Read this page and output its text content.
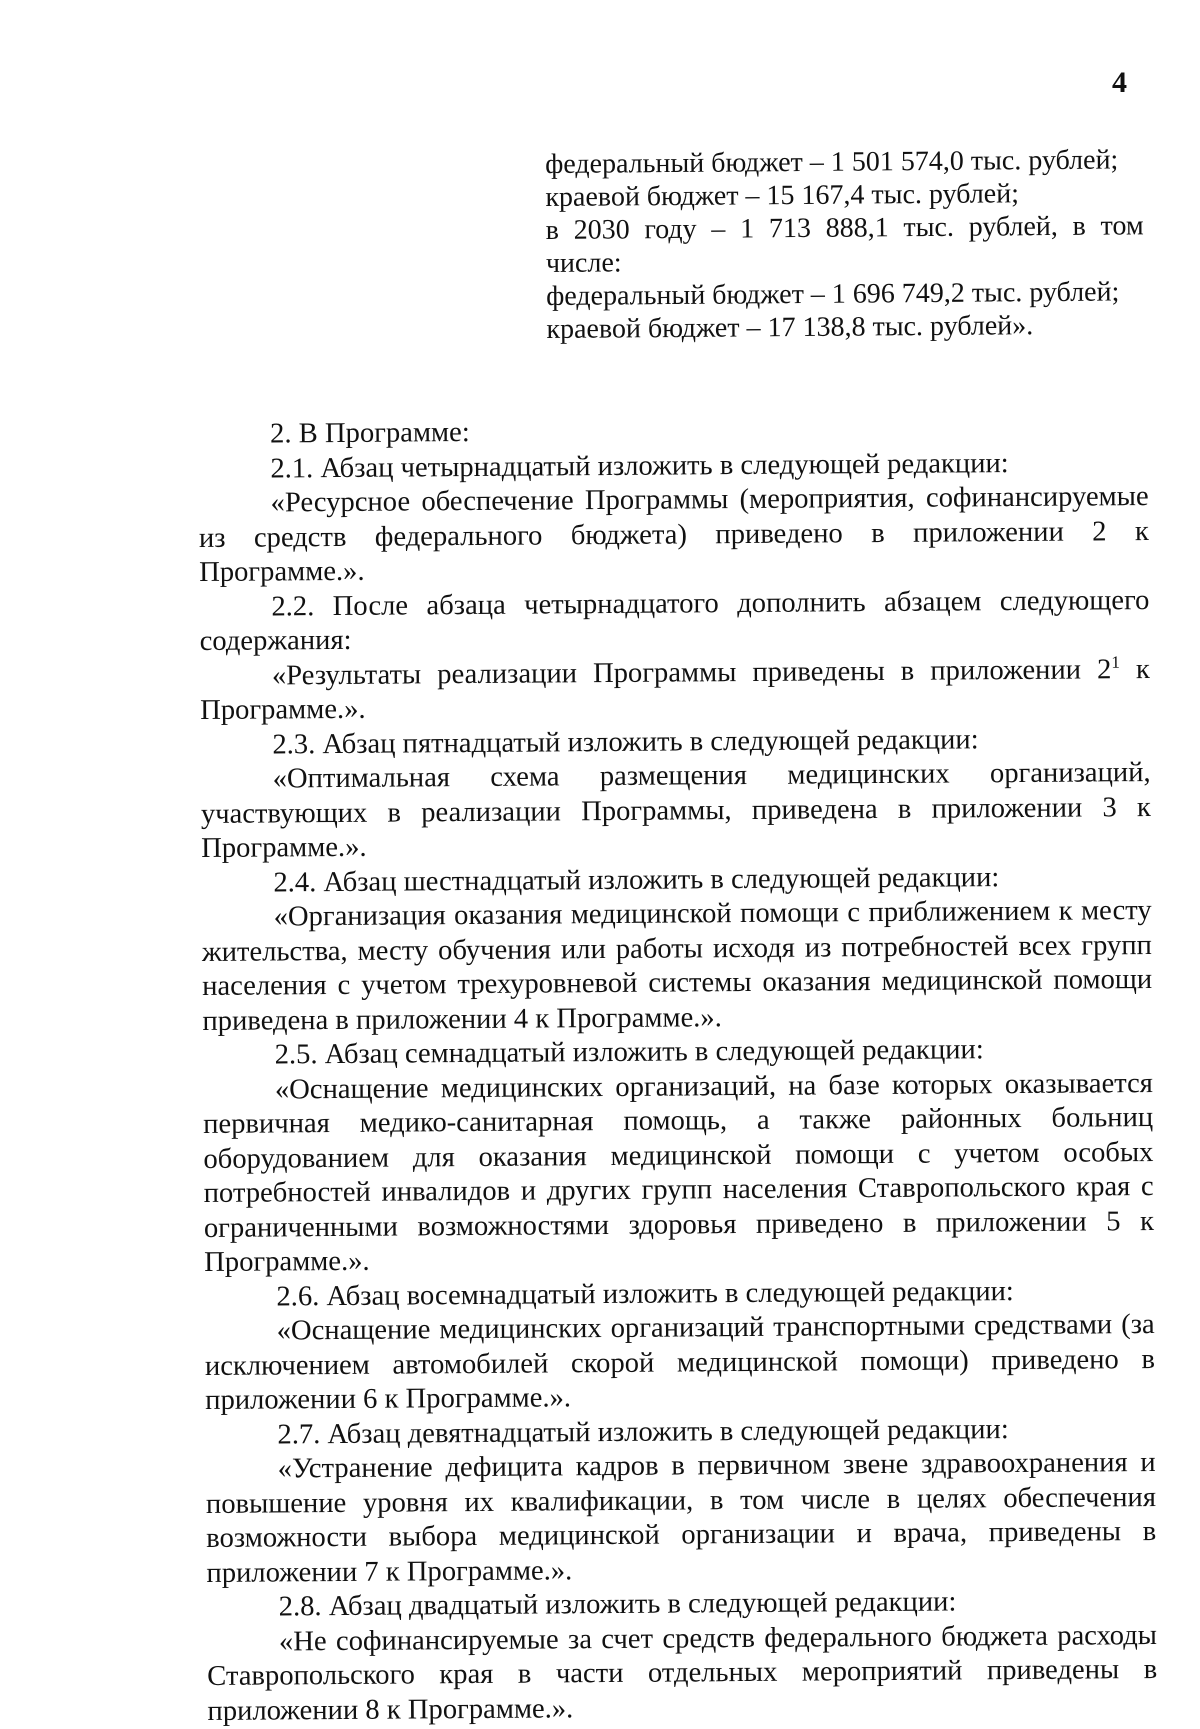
4
федеральный бюджет – 1 501 574,0 тыс. рублей;
краевой бюджет – 15 167,4 тыс. рублей;
в 2030 году – 1 713 888,1 тыс. рублей, в том
числе:
федеральный бюджет – 1 696 749,2 тыс. рублей;
краевой бюджет – 17 138,8 тыс. рублей».

2. В Программе:

2.1. Абзац четырнадцатый изложить в следующей редакции:

«Ресурсное обеспечение Программы (мероприятия, софинансируемые из средств федерального бюджета) приведено в приложении 2 к Программе.».

2.2. После абзаца четырнадцатого дополнить абзацем следующего содержания:

«Результаты реализации Программы приведены в приложении $2^1$ к Программе.».

2.3. Абзац пятнадцатый изложить в следующей редакции:

«Оптимальная схема размещения медицинских организаций, участвующих в реализации Программы, приведена в приложении 3 к Программе.».

2.4. Абзац шестнадцатый изложить в следующей редакции:

«Организация оказания медицинской помощи с приближением к месту жительства, месту обучения или работы исходя из потребностей всех групп населения с учетом трехуровневой системы оказания медицинской помощи приведена в приложении 4 к Программе.».

2.5. Абзац семнадцатый изложить в следующей редакции:

«Оснащение медицинских организаций, на базе которых оказывается первичная медико-санитарная помощь, а также районных больниц оборудованием для оказания медицинской помощи с учетом особых потребностей инвалидов и других групп населения Ставропольского края с ограниченными возможностями здоровья приведено в приложении 5 к Программе.».

2.6. Абзац восемнадцатый изложить в следующей редакции:

«Оснащение медицинских организаций транспортными средствами (за исключением автомобилей скорой медицинской помощи) приведено в приложении 6 к Программе.».

2.7. Абзац девятнадцатый изложить в следующей редакции:

«Устранение дефицита кадров в первичном звене здравоохранения и повышение уровня их квалификации, в том числе в целях обеспечения возможности выбора медицинской организации и врача, приведены в приложении 7 к Программе.».

2.8. Абзац двадцатый изложить в следующей редакции:

«Не софинансируемые за счет средств федерального бюджета расходы Ставропольского края в части отдельных мероприятий приведены в приложении 8 к Программе.».
